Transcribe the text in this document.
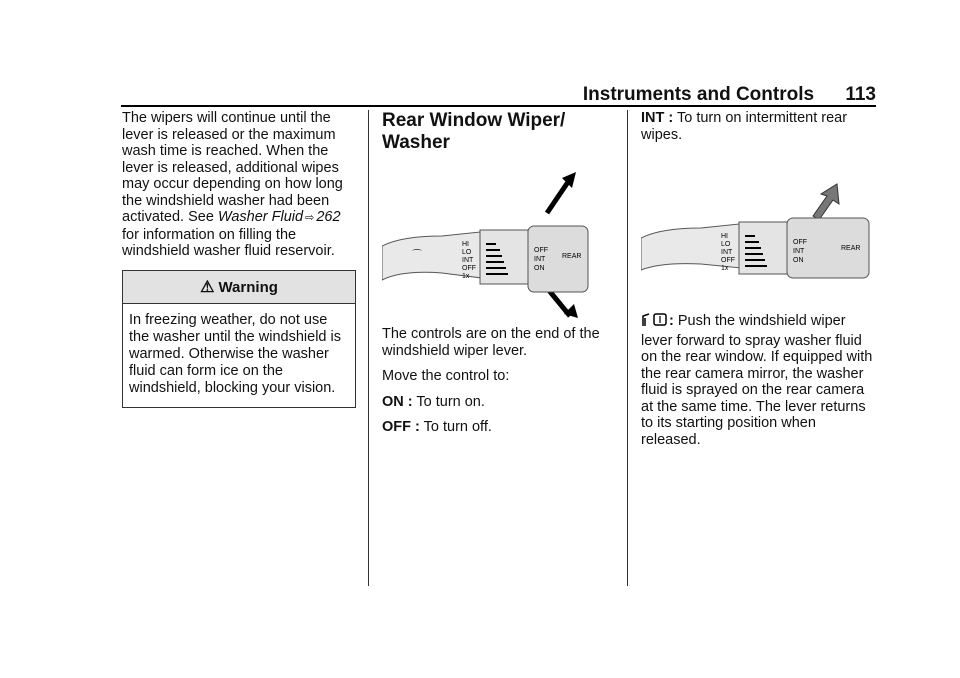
Instruments and Controls 113

The wipers will continue until the lever is released or the maximum wash time is reached. When the lever is released, additional wipes may occur depending on how long the windshield washer had been activated. See Washer Fluid ⇨ 262 for information on filling the windshield washer fluid reservoir.

⚠ Warning
In freezing weather, do not use the washer until the windshield is warmed. Otherwise the washer fluid can form ice on the windshield, blocking your vision.
Rear Window Wiper/ Washer
HI
LO
INT
OFF
1x
OFF
INT
ON
REAR
⌒

The controls are on the end of the windshield wiper lever.

Move the control to:

ON : To turn on.

OFF : To turn off.

INT : To turn on intermittent rear wipes.

OFF
INT
ON
REAR
HI
LO
INT
OFF
1x

: Push the windshield wiper lever forward to spray washer fluid on the rear window. If equipped with the rear camera mirror, the washer fluid is sprayed on the rear camera at the same time. The lever returns to its starting position when released.
